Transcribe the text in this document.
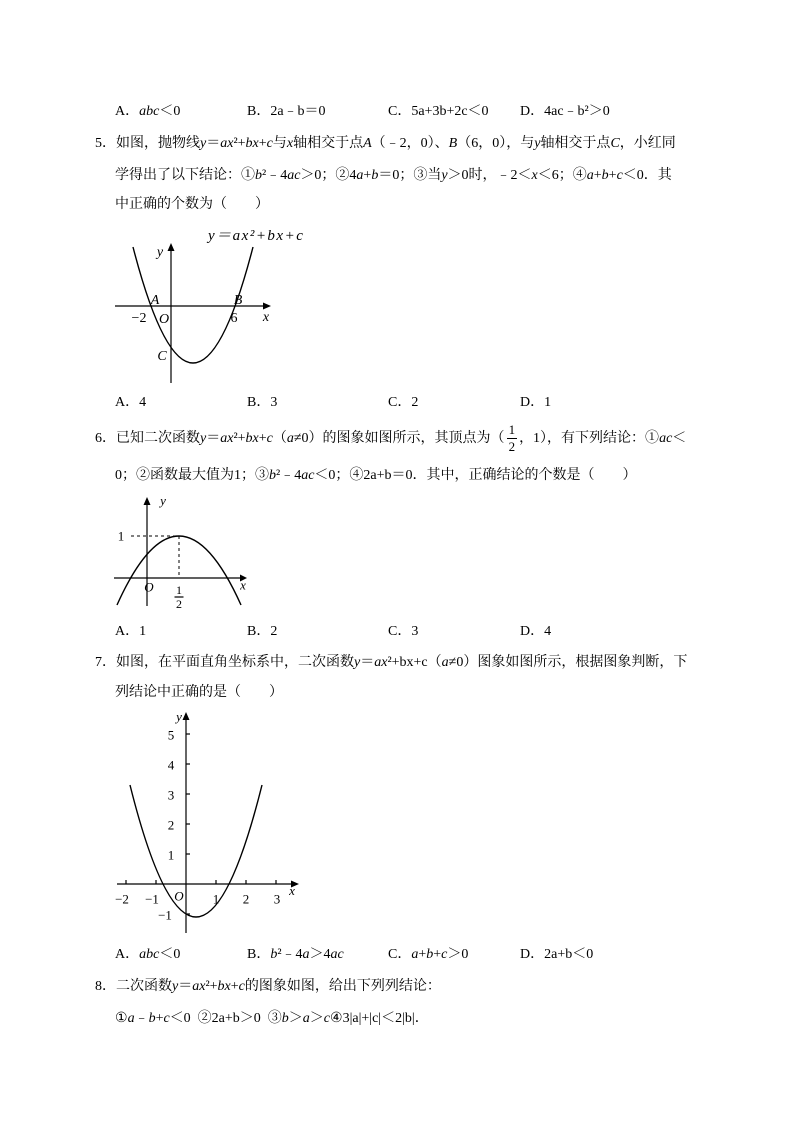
A．abc＜0	B．2a﹣b＝0	C．5a+3b+2c＜0 D．4ac﹣b²＞0
5．如图，抛物线y＝ax²+bx+c与x轴相交于点A（﹣2，0）、B（6，0），与y轴相交于点C，小红同
学得出了以下结论：①b²﹣4ac＞0；②4a+b＝0；③当y＞0时，﹣2＜x＜6；④a+b+c＜0．其
中正确的个数为（　　）
y＝ax²+bx+c
y
A	B
−2 O	6 x
C
A．4	B．3	C．2	D．1
6．已知二次函数y＝ax²+bx+c（a≠0）的图象如图所示，其顶点为（ $\frac{1}{2}$ ，1），有下列结论：①ac＜
0；②函数最大值为1；③b²﹣4ac＜0；④2a+b＝0．其中，正确结论的个数是（　　）
y
1
O 1
2
x
A．1	B．2	C．3	D．4
7．如图，在平面直角坐标系中，二次函数y＝ax²+bx+c（a≠0）图象如图所示，根据图象判断，下
列结论中正确的是（　　）
y
5
4
3
2
1
−1
−2 −1 O 1 2 3
x
A．abc＜0	B．b²﹣4a＞4ac	C．a+b+c＞0	D．2a+b＜0
8．二次函数y＝ax²+bx+c的图象如图，给出下列列结论：
①a﹣b+c＜0  ②2a+b＞0  ③b＞a＞c④3|a|+|c|＜2|b|．
